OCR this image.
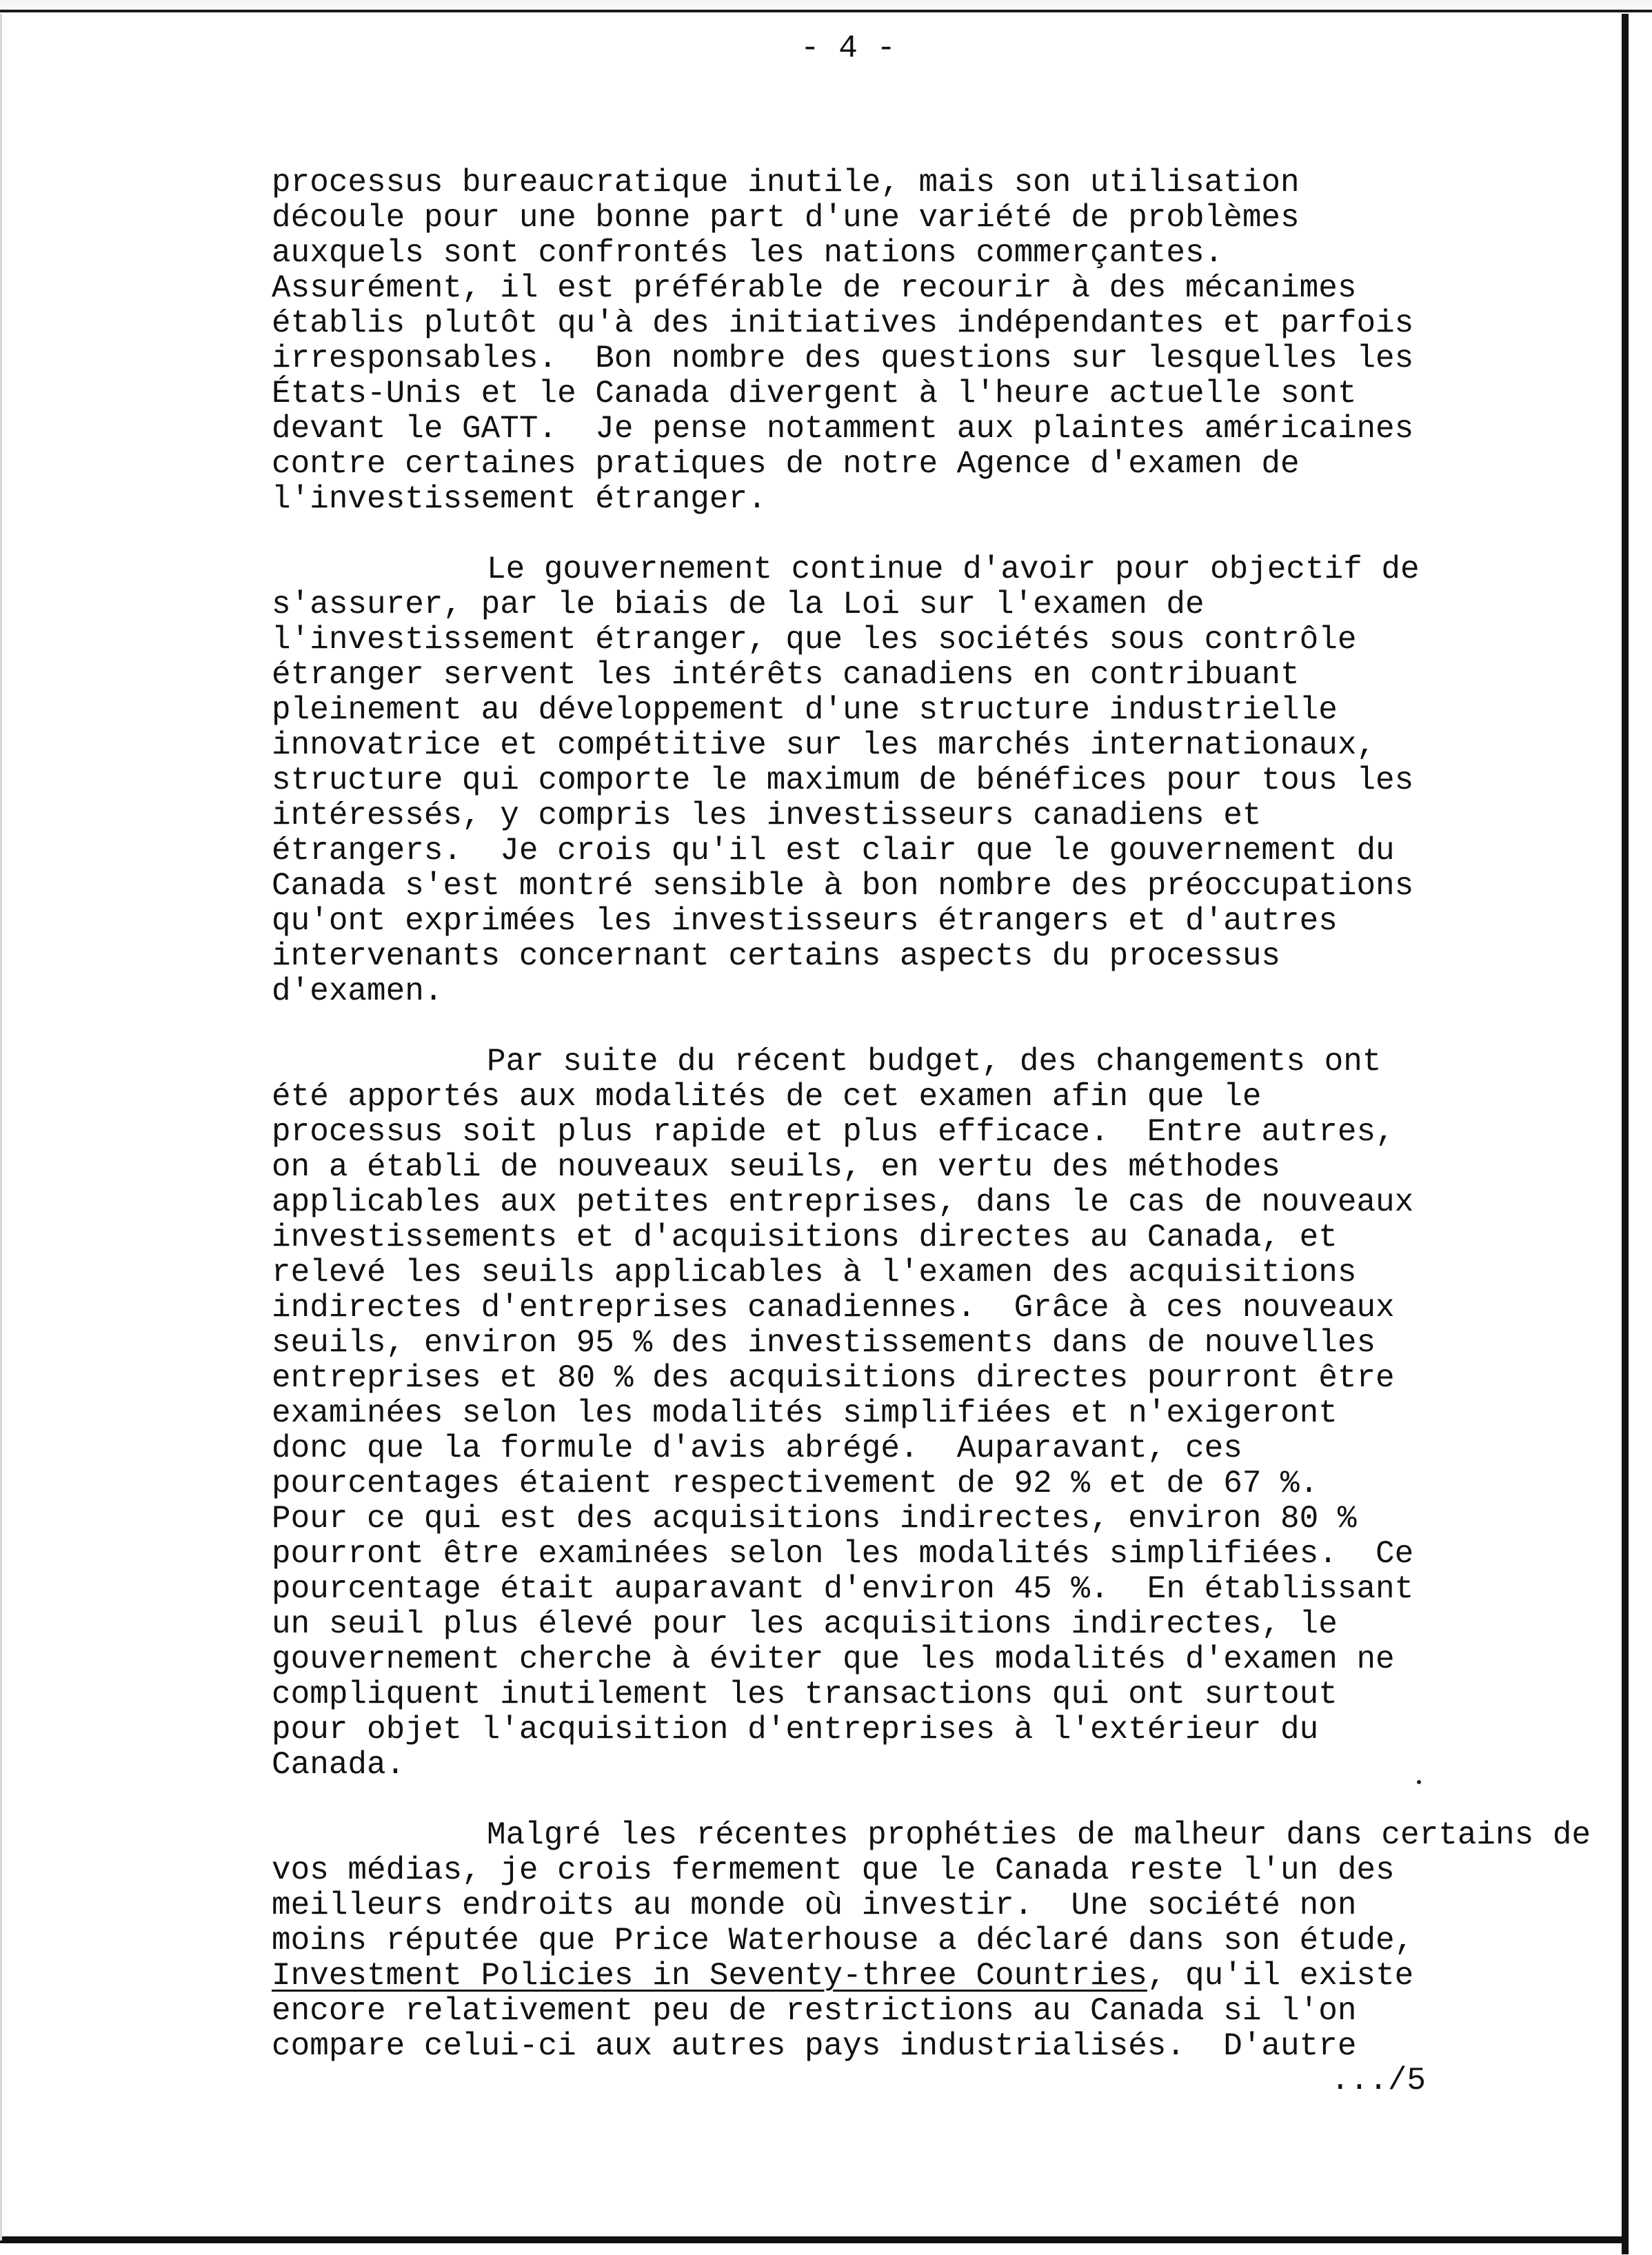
- 4 -
processus bureaucratique inutile, mais son utilisation
découle pour une bonne part d'une variété de problèmes
auxquels sont confrontés les nations commerçantes.
Assurément, il est préférable de recourir à des mécanimes
établis plutôt qu'à des initiatives indépendantes et parfois
irresponsables.  Bon nombre des questions sur lesquelles les
États-Unis et le Canada divergent à l'heure actuelle sont
devant le GATT.  Je pense notamment aux plaintes américaines
contre certaines pratiques de notre Agence d'examen de
l'investissement étranger.
Le gouvernement continue d'avoir pour objectif de
s'assurer, par le biais de la Loi sur l'examen de
l'investissement étranger, que les sociétés sous contrôle
étranger servent les intérêts canadiens en contribuant
pleinement au développement d'une structure industrielle
innovatrice et compétitive sur les marchés internationaux,
structure qui comporte le maximum de bénéfices pour tous les
intéressés, y compris les investisseurs canadiens et
étrangers.  Je crois qu'il est clair que le gouvernement du
Canada s'est montré sensible à bon nombre des préoccupations
qu'ont exprimées les investisseurs étrangers et d'autres
intervenants concernant certains aspects du processus
d'examen.
Par suite du récent budget, des changements ont
été apportés aux modalités de cet examen afin que le
processus soit plus rapide et plus efficace.  Entre autres,
on a établi de nouveaux seuils, en vertu des méthodes
applicables aux petites entreprises, dans le cas de nouveaux
investissements et d'acquisitions directes au Canada, et
relevé les seuils applicables à l'examen des acquisitions
indirectes d'entreprises canadiennes.  Grâce à ces nouveaux
seuils, environ 95 % des investissements dans de nouvelles
entreprises et 80 % des acquisitions directes pourront être
examinées selon les modalités simplifiées et n'exigeront
donc que la formule d'avis abrégé.  Auparavant, ces
pourcentages étaient respectivement de 92 % et de 67 %.
Pour ce qui est des acquisitions indirectes, environ 80 %
pourront être examinées selon les modalités simplifiées.  Ce
pourcentage était auparavant d'environ 45 %.  En établissant
un seuil plus élevé pour les acquisitions indirectes, le
gouvernement cherche à éviter que les modalités d'examen ne
compliquent inutilement les transactions qui ont surtout
pour objet l'acquisition d'entreprises à l'extérieur du
Canada.
Malgré les récentes prophéties de malheur dans certains de
vos médias, je crois fermement que le Canada reste l'un des
meilleurs endroits au monde où investir.  Une société non
moins réputée que Price Waterhouse a déclaré dans son étude,
Investment Policies in Seventy-three Countries, qu'il existe
encore relativement peu de restrictions au Canada si l'on
compare celui-ci aux autres pays industrialisés.  D'autre
.../5
